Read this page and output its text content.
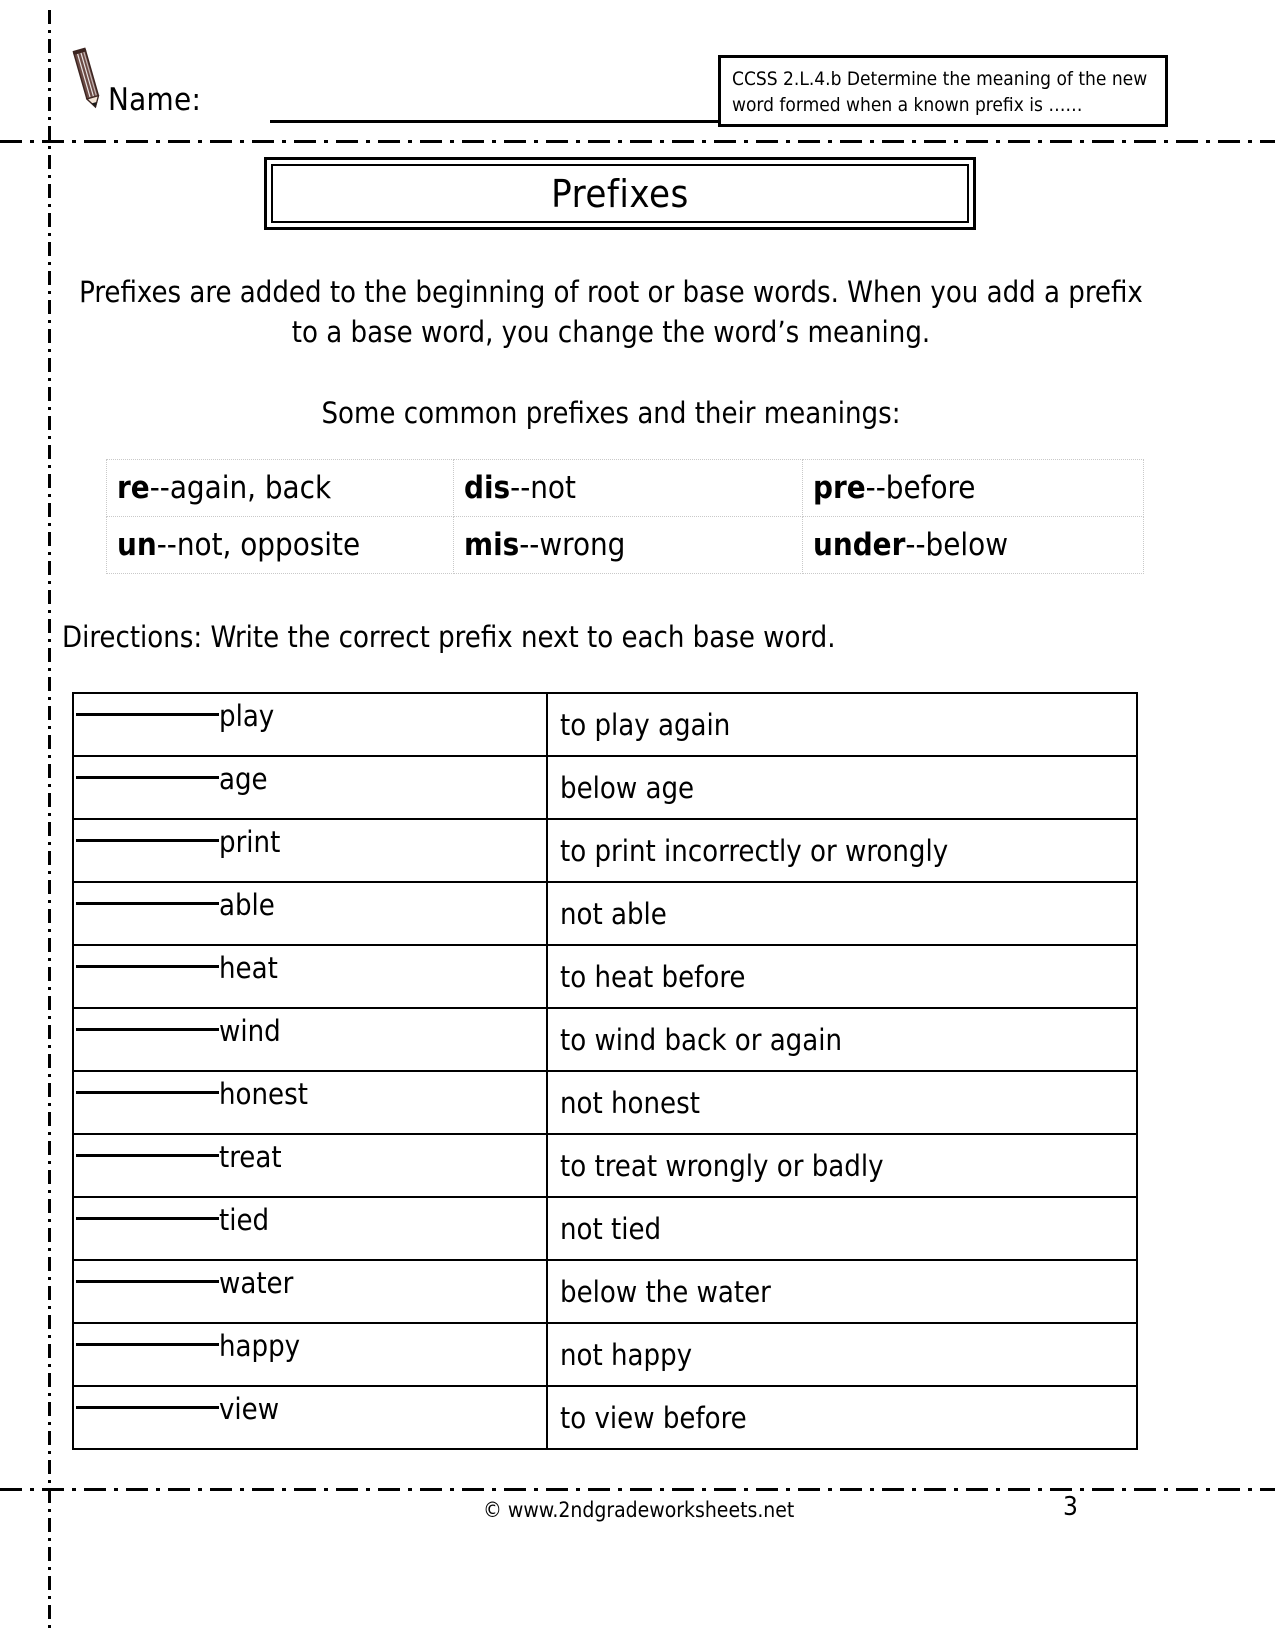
Name:
CCSS 2.L.4.b Determine the meaning of the new word formed when a known prefix is ……
Prefixes
Prefixes are added to the beginning of root or base words. When you add a prefix to a base word, you change the word’s meaning.
Some common prefixes and their meanings:
re--again, back	dis--not	pre--before
un--not, opposite	mis--wrong	under--below
Directions: Write the correct prefix next to each base word.
play	to play again

age	below age

print	to print incorrectly or wrongly

able	not able

heat	to heat before

wind	to wind back or again

honest	not honest

treat	to treat wrongly or badly

tied	not tied

water	below the water

happy	not happy

view	to view before
© www.2ndgradeworksheets.net	3
